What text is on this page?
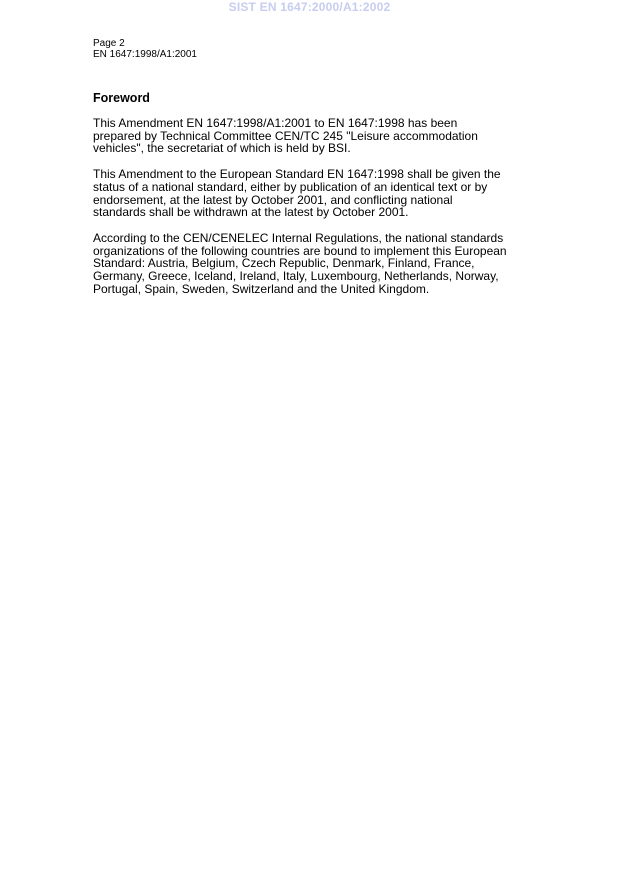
SIST EN 1647:2000/A1:2002
Page 2
EN 1647:1998/A1:2001
Foreword
This Amendment EN 1647:1998/A1:2001 to EN 1647:1998 has been
prepared by Technical Committee CEN/TC 245 "Leisure accommodation
vehicles", the secretariat of which is held by BSI.
This Amendment to the European Standard EN 1647:1998 shall be given the
status of a national standard, either by publication of an identical text or by
endorsement, at the latest by October 2001, and conflicting national
standards shall be withdrawn at the latest by October 2001.
According to the CEN/CENELEC Internal Regulations, the national standards
organizations of the following countries are bound to implement this European
Standard: Austria, Belgium, Czech Republic, Denmark, Finland, France,
Germany, Greece, Iceland, Ireland, Italy, Luxembourg, Netherlands, Norway,
Portugal, Spain, Sweden, Switzerland and the United Kingdom.
